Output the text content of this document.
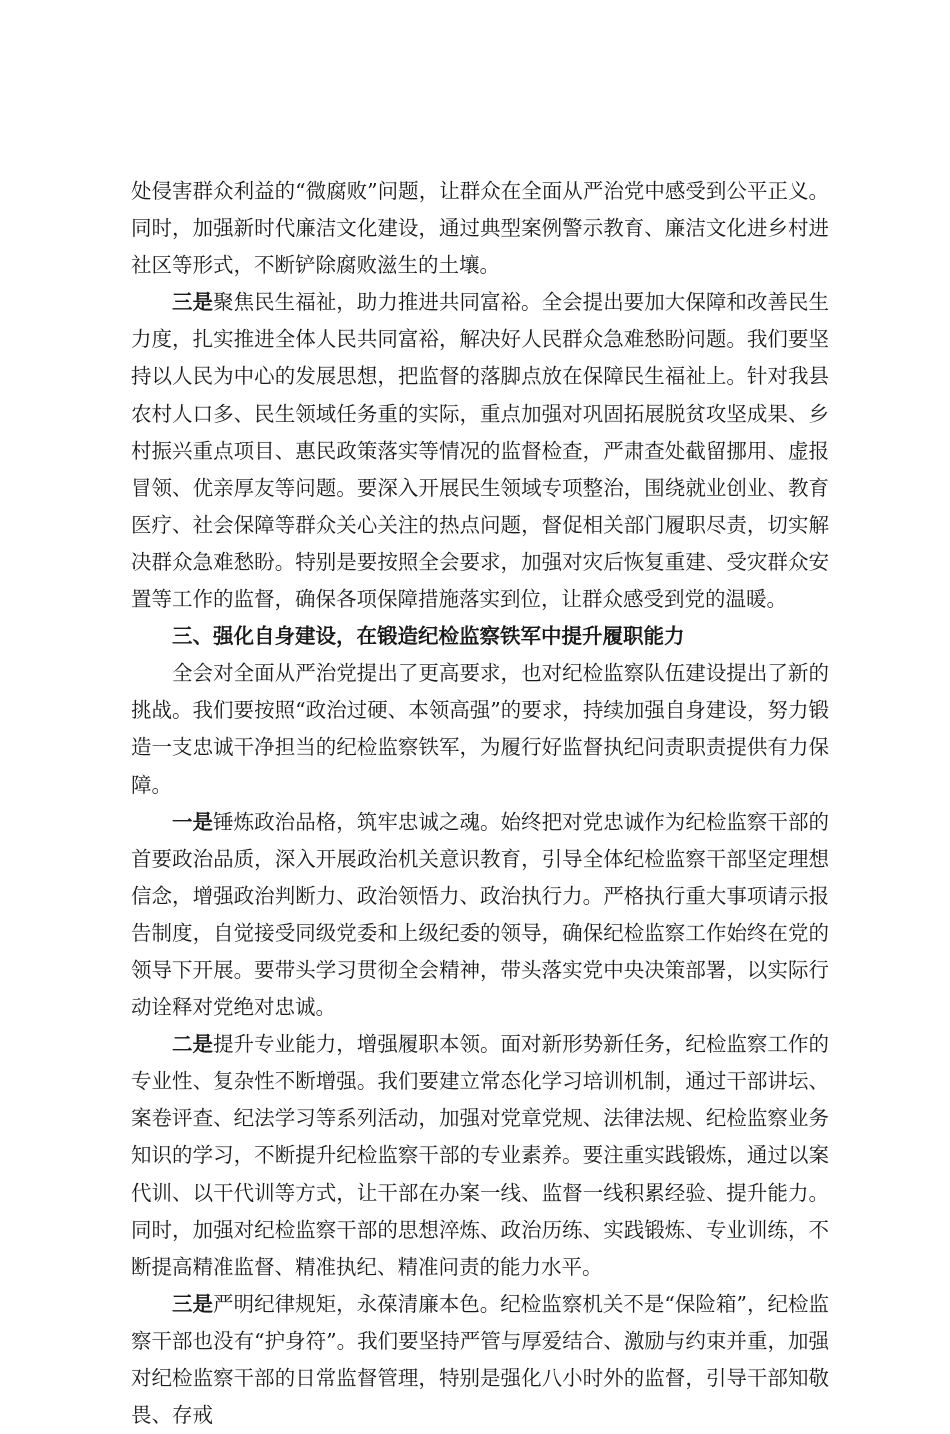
处侵害群众利益的“微腐败”问题，让群众在全面从严治党中感受到公平正义。同时，加强新时代廉洁文化建设，通过典型案例警示教育、廉洁文化进乡村进社区等形式，不断铲除腐败滋生的土壤。

三是聚焦民生福祉，助力推进共同富裕。全会提出要加大保障和改善民生力度，扎实推进全体人民共同富裕，解决好人民群众急难愁盼问题。我们要坚持以人民为中心的发展思想，把监督的落脚点放在保障民生福祉上。针对我县农村人口多、民生领域任务重的实际，重点加强对巩固拓展脱贫攻坚成果、乡村振兴重点项目、惠民政策落实等情况的监督检查，严肃查处截留挪用、虚报冒领、优亲厚友等问题。要深入开展民生领域专项整治，围绕就业创业、教育医疗、社会保障等群众关心关注的热点问题，督促相关部门履职尽责，切实解决群众急难愁盼。特别是要按照全会要求，加强对灾后恢复重建、受灾群众安置等工作的监督，确保各项保障措施落实到位，让群众感受到党的温暖。

三、强化自身建设，在锻造纪检监察铁军中提升履职能力

全会对全面从严治党提出了更高要求，也对纪检监察队伍建设提出了新的挑战。我们要按照“政治过硬、本领高强”的要求，持续加强自身建设，努力锻造一支忠诚干净担当的纪检监察铁军，为履行好监督执纪问责职责提供有力保障。

一是锤炼政治品格，筑牢忠诚之魂。始终把对党忠诚作为纪检监察干部的首要政治品质，深入开展政治机关意识教育，引导全体纪检监察干部坚定理想信念，增强政治判断力、政治领悟力、政治执行力。严格执行重大事项请示报告制度，自觉接受同级党委和上级纪委的领导，确保纪检监察工作始终在党的领导下开展。要带头学习贯彻全会精神，带头落实党中央决策部署，以实际行动诠释对党绝对忠诚。

二是提升专业能力，增强履职本领。面对新形势新任务，纪检监察工作的专业性、复杂性不断增强。我们要建立常态化学习培训机制，通过干部讲坛、案卷评查、纪法学习等系列活动，加强对党章党规、法律法规、纪检监察业务知识的学习，不断提升纪检监察干部的专业素养。要注重实践锻炼，通过以案代训、以干代训等方式，让干部在办案一线、监督一线积累经验、提升能力。同时，加强对纪检监察干部的思想淬炼、政治历练、实践锻炼、专业训练，不断提高精准监督、精准执纪、精准问责的能力水平。

三是严明纪律规矩，永葆清廉本色。纪检监察机关不是“保险箱”，纪检监察干部也没有“护身符”。我们要坚持严管与厚爱结合、激励与约束并重，加强对纪检监察干部的日常监督管理，特别是强化八小时外的监督，引导干部知敬畏、存戒
